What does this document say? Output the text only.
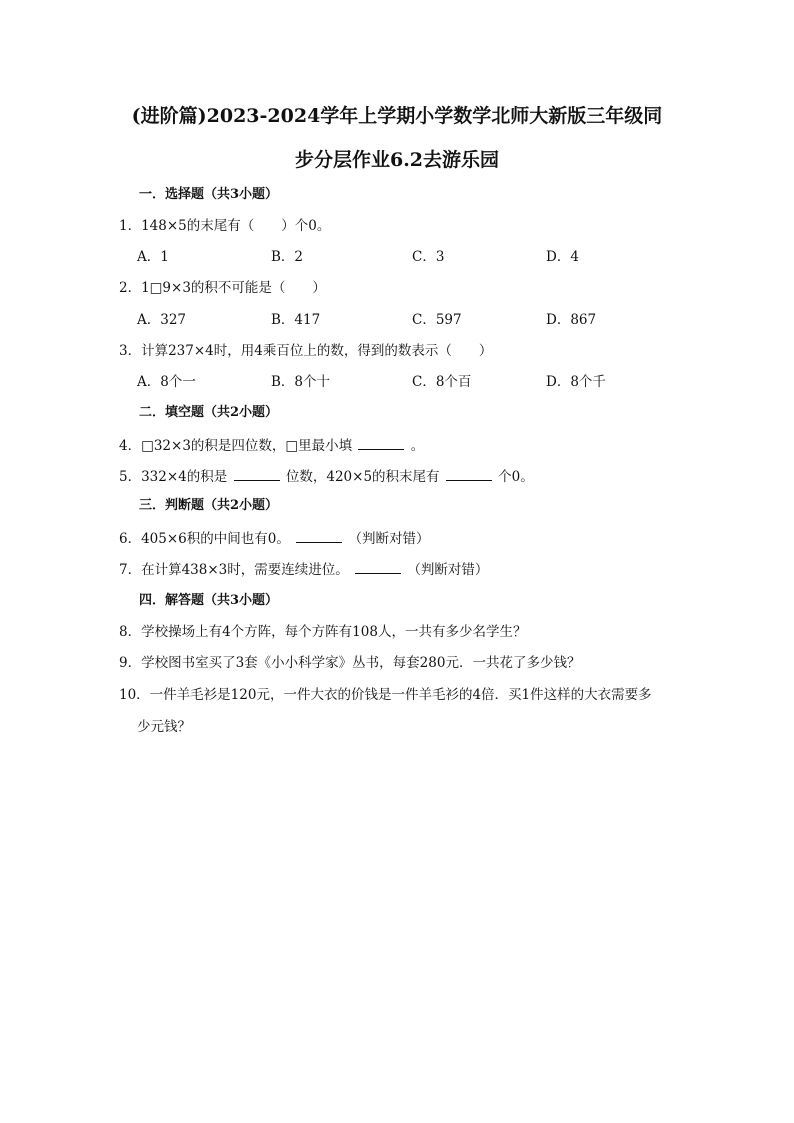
(进阶篇)2023-2024学年上学期小学数学北师大新版三年级同
步分层作业6.2去游乐园
一．选择题（共3小题）
1．148×5的末尾有（　　）个0。
A．1	B．2	C．3	D．4
2．1□9×3的积不可能是（　　）
A．327	B．417	C．597	D．867
3．计算237×4时，用4乘百位上的数，得到的数表示（　　）
A．8个一	B．8个十	C．8个百	D．8个千
二．填空题（共2小题）
4．□32×3的积是四位数，□里最小填	。
5．332×4的积是	位数，420×5的积末尾有	个0。
三．判断题（共2小题）
6．405×6积的中间也有0。	（判断对错）
7．在计算438×3时，需要连续进位。	（判断对错）
四．解答题（共3小题）
8．学校操场上有4个方阵，每个方阵有108人，一共有多少名学生？
9．学校图书室买了3套《小小科学家》丛书，每套280元．一共花了多少钱？
10．一件羊毛衫是120元，一件大衣的价钱是一件羊毛衫的4倍．买1件这样的大衣需要多
少元钱？
